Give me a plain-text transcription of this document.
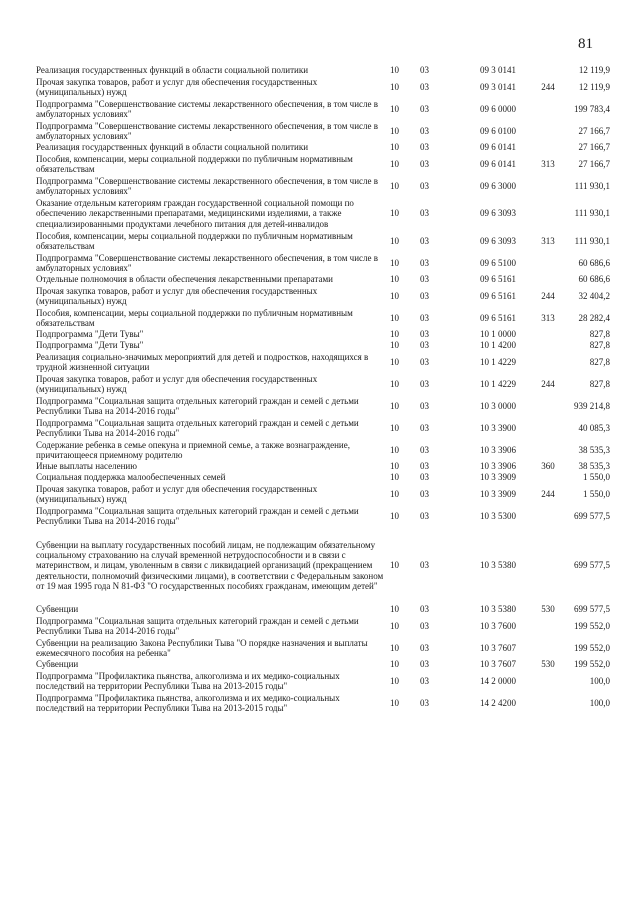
81
Реализация государственных функций в области социальной политики	10	03	09 3 0141		12 119,9
Прочая закупка товаров, работ и услуг для обеспечения государственных (муниципальных) нужд	10	03	09 3 0141	244	12 119,9
Подпрограмма "Совершенствование системы лекарственного обеспечения, в том числе в амбулаторных условиях"	10	03	09 6 0000		199 783,4
Подпрограмма "Совершенствование системы лекарственного обеспечения, в том числе в амбулаторных условиях"	10	03	09 6 0100		27 166,7
Реализация государственных функций в области социальной политики	10	03	09 6 0141		27 166,7
Пособия, компенсации, меры социальной поддержки по публичным нормативным обязательствам	10	03	09 6 0141	313	27 166,7
Подпрограмма "Совершенствование системы лекарственного обеспечения, в том числе в амбулаторных условиях"	10	03	09 6 3000		111 930,1
Оказание отдельным категориям граждан государственной социальной помощи по обеспечению лекарственными препаратами, медицинскими изделиями, а также специализированными продуктами лечебного питания для детей-инвалидов	10	03	09 6 3093		111 930,1
Пособия, компенсации, меры социальной поддержки по публичным нормативным обязательствам	10	03	09 6 3093	313	111 930,1
Подпрограмма "Совершенствование системы лекарственного обеспечения, в том числе в амбулаторных условиях"	10	03	09 6 5100		60 686,6
Отдельные полномочия в области обеспечения лекарственными препаратами	10	03	09 6 5161		60 686,6
Прочая закупка товаров, работ и услуг для обеспечения государственных (муниципальных) нужд	10	03	09 6 5161	244	32 404,2
Пособия, компенсации, меры социальной поддержки по публичным нормативным обязательствам	10	03	09 6 5161	313	28 282,4
Подпрограмма "Дети Тувы"	10	03	10 1 0000		827,8
Подпрограмма "Дети Тувы"	10	03	10 1 4200		827,8
Реализация социально-значимых мероприятий для детей и подростков, находящихся в трудной жизненной ситуации	10	03	10 1 4229		827,8
Прочая закупка товаров, работ и услуг для обеспечения государственных (муниципальных) нужд	10	03	10 1 4229	244	827,8
Подпрограмма "Социальная защита отдельных категорий граждан и семей с детьми Республики Тыва на 2014-2016 годы"	10	03	10 3 0000		939 214,8
Подпрограмма "Социальная защита отдельных категорий граждан и семей с детьми Республики Тыва на 2014-2016 годы"	10	03	10 3 3900		40 085,3
Содержание ребенка в семье опекуна и приемной семье, а также вознаграждение, причитающееся приемному родителю	10	03	10 3 3906		38 535,3
Иные выплаты населению	10	03	10 3 3906	360	38 535,3
Социальная поддержка малообеспеченных семей	10	03	10 3 3909		1 550,0
Прочая закупка товаров, работ и услуг для обеспечения государственных (муниципальных) нужд	10	03	10 3 3909	244	1 550,0
Подпрограмма "Социальная защита отдельных категорий граждан и семей с детьми Республики Тыва на 2014-2016 годы"	10	03	10 3 5300		699 577,5
Субвенции на выплату государственных пособий лицам, не подлежащим обязательному социальному страхованию на случай временной нетрудоспособности и в связи с материнством, и лицам, уволенным в связи с ликвидацией организаций (прекращением деятельности, полномочий физическими лицами), в соответствии с Федеральным законом от 19 мая 1995 года N 81-ФЗ "О государственных пособиях гражданам, имеющим детей"	10	03	10 3 5380		699 577,5
Субвенции	10	03	10 3 5380	530	699 577,5
Подпрограмма "Социальная защита отдельных категорий граждан и семей с детьми Республики Тыва на 2014-2016 годы"	10	03	10 3 7600		199 552,0
Субвенции на реализацию Закона Республики Тыва "О порядке назначения и выплаты ежемесячного пособия на ребенка"	10	03	10 3 7607		199 552,0
Субвенции	10	03	10 3 7607	530	199 552,0
Подпрограмма "Профилактика пьянства, алкоголизма и их медико-социальных последствий на территории Республики Тыва на 2013-2015 годы"	10	03	14 2 0000		100,0
Подпрограмма "Профилактика пьянства, алкоголизма и их медико-социальных последствий на территории Республики Тыва на 2013-2015 годы"	10	03	14 2 4200		100,0
